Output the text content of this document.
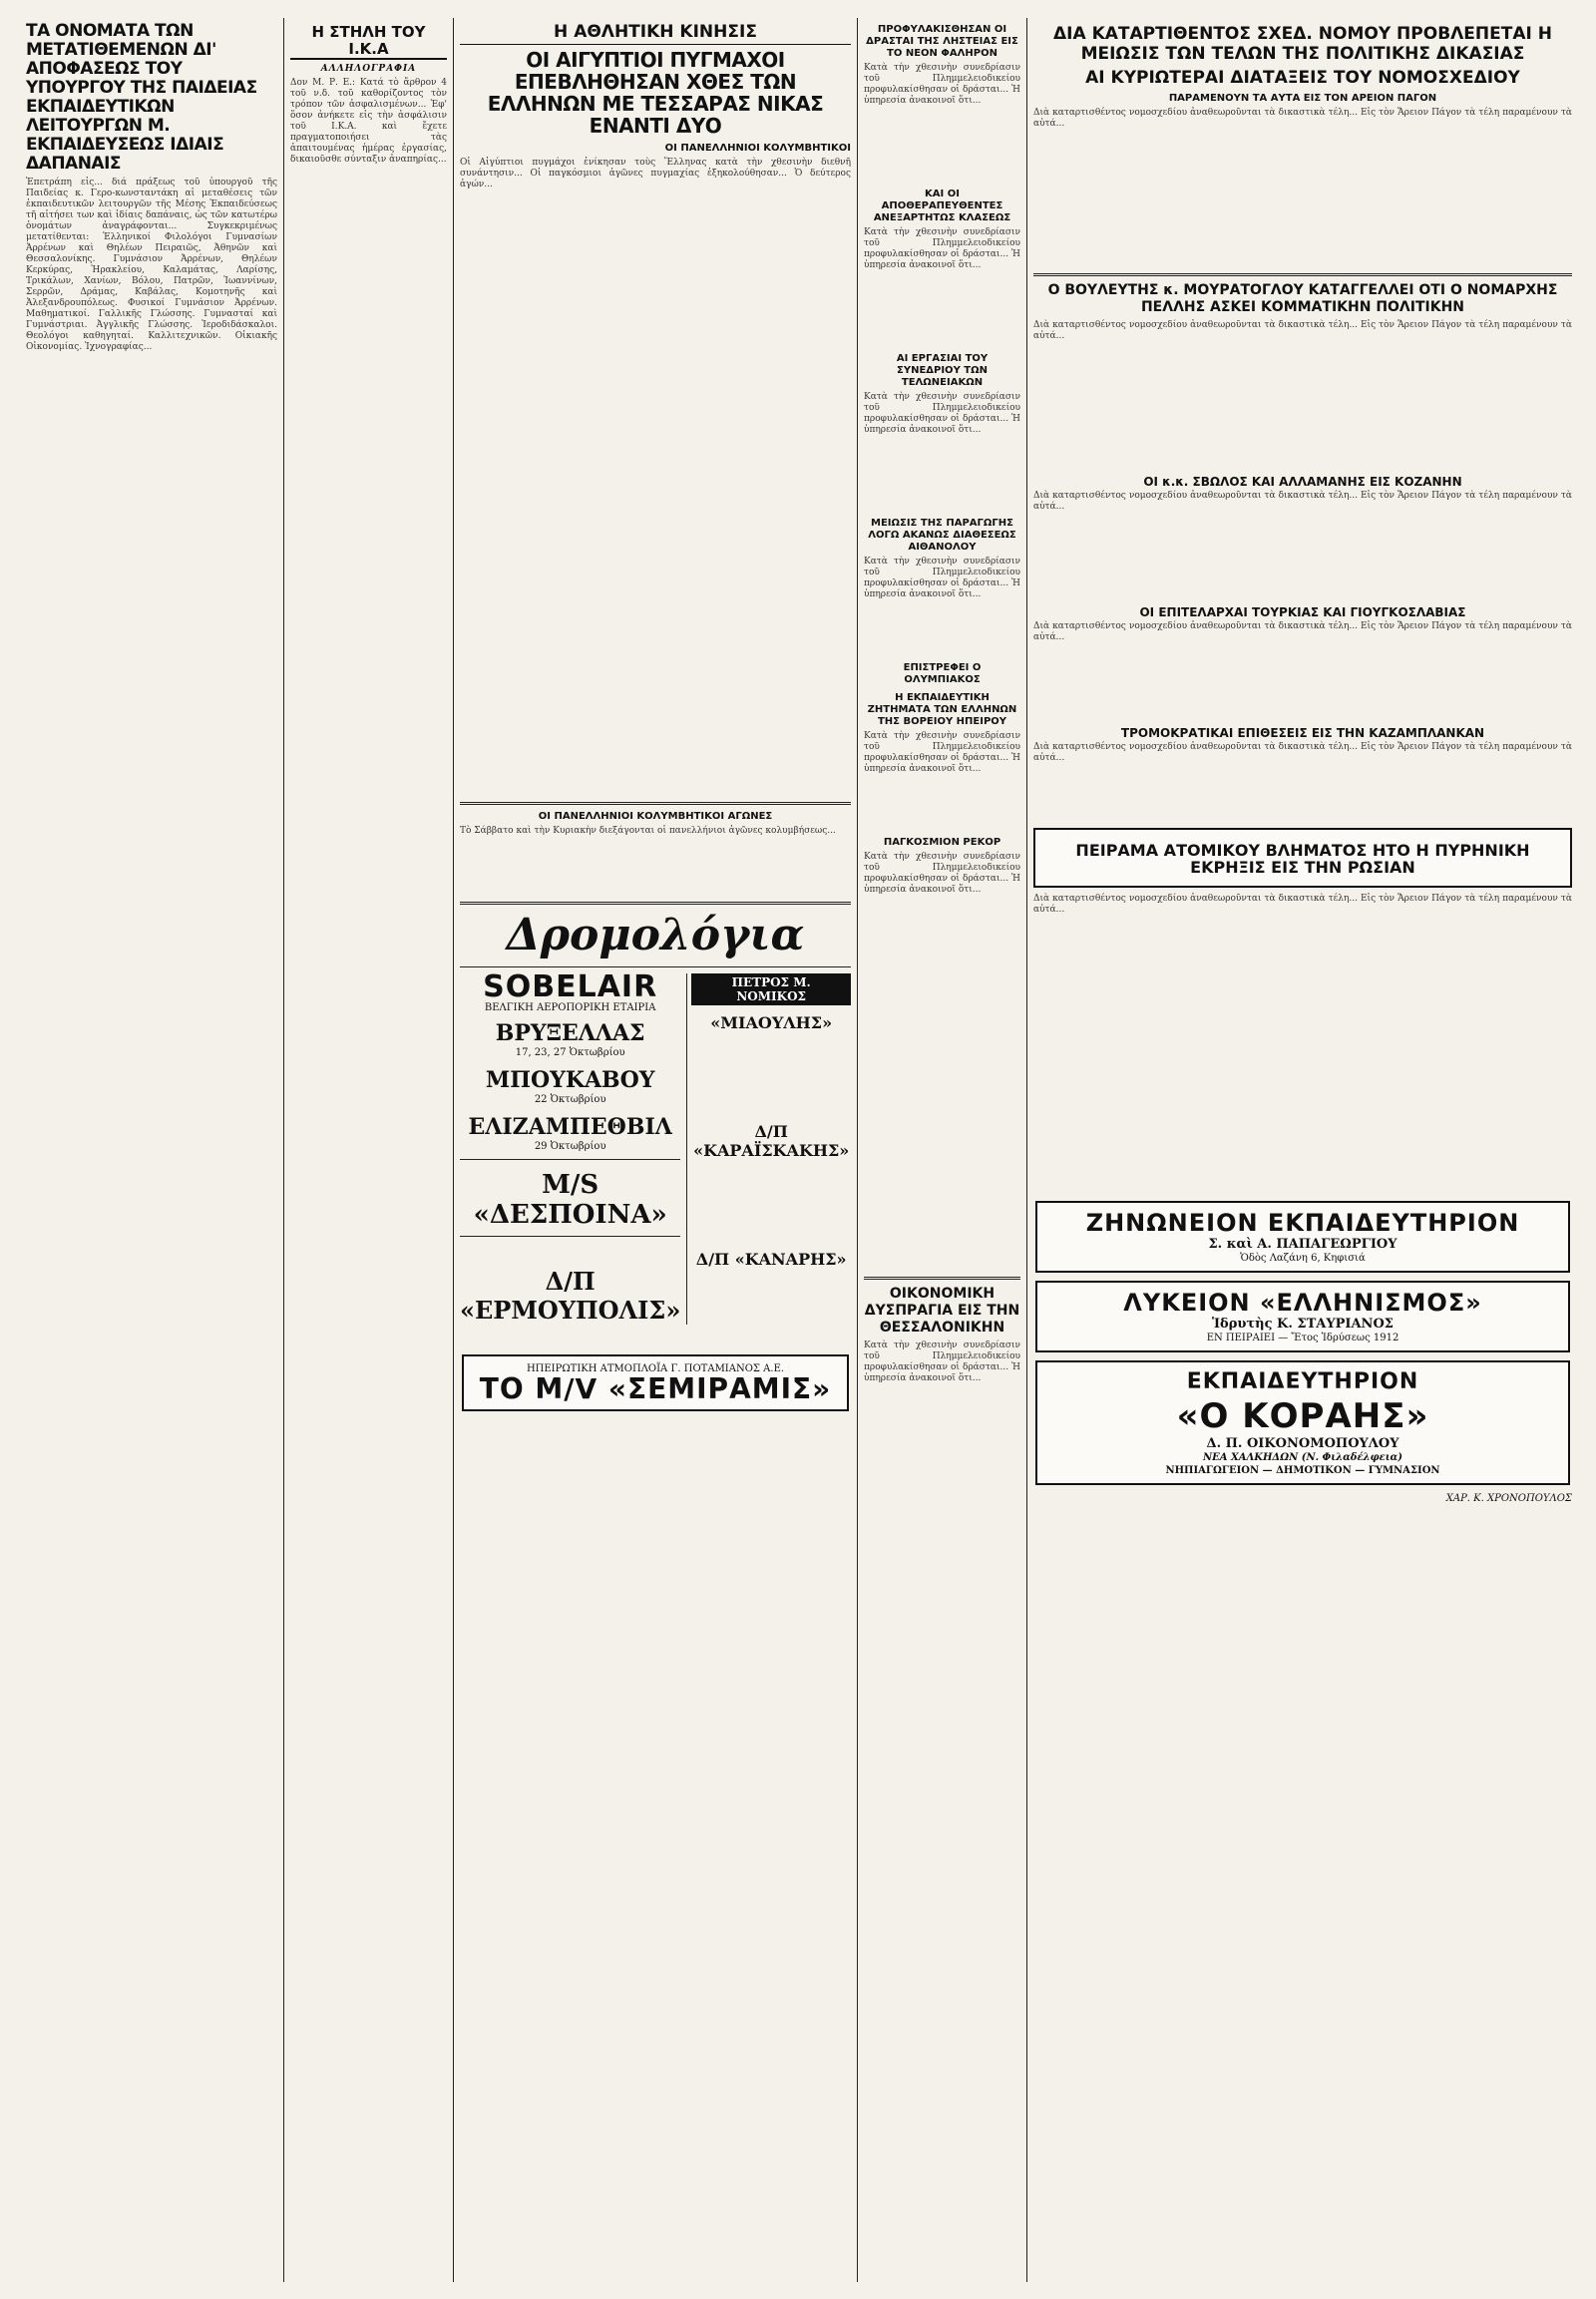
ΤΑ ΟΝΟΜΑΤΑ ΤΩΝ ΜΕΤΑΤΙΘΕΜΕΝΩΝ ΔΙ' ΑΠΟΦΑΣΕΩΣ ΤΟΥ ΥΠΟΥΡΓΟΥ ΤΗΣ ΠΑΙΔΕΙΑΣ ΕΚΠΑΙΔΕΥΤΙΚΩΝ ΛΕΙΤΟΥΡΓΩΝ Μ. ΕΚΠΑΙΔΕΥΣΕΩΣ ΙΔΙΑΙΣ ΔΑΠΑΝΑΙΣ
Ἐπετράπη εἰς... διά πράξεως τοῦ ὑπουργοῦ τῆς Παιδείας κ. Γερο-κωνσταντάκη αἱ μεταθέσεις τῶν ἐκπαιδευτικῶν λειτουργῶν τῆς Μέσης Ἐκπαιδεύσεως τῆ αἰτήσει των καὶ ἰδίαις δαπάναις, ὡς τῶν κατωτέρω ὀνομάτων ἀναγράφονται... Συγκεκριμένως μετατίθενται: Ἑλληνικοί Φιλολόγοι Γυμνασίων Ἀρρένων καὶ Θηλέων Πειραιῶς, Ἀθηνῶν καὶ Θεσσαλονίκης. Γυμνάσιον Ἀρρένων, Θηλέων Κερκύρας, Ἡρακλείου, Καλαμάτας, Λαρίσης, Τρικάλων, Χανίων, Βόλου, Πατρῶν, Ἰωαννίνων, Σερρῶν, Δράμας, Καβάλας, Κομοτηνῆς καὶ Ἀλεξανδρουπόλεως. Φυσικοί Γυμνάσιον Ἀρρένων. Μαθηματικοί. Γαλλικῆς Γλώσσης. Γυμνασταί καὶ Γυμνάστριαι. Ἀγγλικῆς Γλώσσης. Ἱεροδιδάσκαλοι. Θεολόγοι καθηγηταί. Καλλιτεχνικῶν. Οἰκιακῆς Οἰκονομίας. Ἰχνογραφίας...
Η ΣΤΗΛΗ ΤΟΥ Ι.Κ.Α
ΑΛΛΗΛΟΓΡΑΦΙΑ
Δον Μ. Ρ. Ε.: Κατά τὸ ἄρθρον 4 τοῦ ν.δ. τοῦ καθορίζοντος τὸν τρόπον τῶν ἀσφαλισμένων... Ἑφ' ὅσον ἀνήκετε εἰς τὴν ἀσφάλισιν τοῦ Ι.Κ.Α. καὶ ἔχετε πραγματοποιήσει τὰς ἀπαιτουμένας ἡμέρας ἐργασίας, δικαιοῦσθε σύνταξιν ἀναπηρίας...
Η ΑΘΛΗΤΙΚΗ ΚΙΝΗΣΙΣ
ΟΙ ΑΙΓΥΠΤΙΟΙ ΠΥΓΜΑΧΟΙ ΕΠΕΒΛΗΘΗΣΑΝ ΧΘΕΣ ΤΩΝ ΕΛΛΗΝΩΝ ΜΕ ΤΕΣΣΑΡΑΣ ΝΙΚΑΣ ΕΝΑΝΤΙ ΔΥΟ
ΟΙ ΠΑΝΕΛΛΗΝΙΟΙ ΚΟΛΥΜΒΗΤΙΚΟΙ
Οἱ Αἰγύπτιοι πυγμάχοι ἐνίκησαν τοὺς Ἕλληνας κατὰ τὴν χθεσινὴν διεθνῆ συνάντησιν... Οἱ παγκόσμιοι ἀγῶνες πυγμαχίας ἐξηκολούθησαν... Ὁ δεύτερος ἀγών...
ΟΙ ΠΑΝΕΛΛΗΝΙΟΙ ΚΟΛΥΜΒΗΤΙΚΟΙ ΑΓΩΝΕΣ
Τὸ Σάββατο καὶ τὴν Κυριακὴν διεξάγονται οἱ πανελλήνιοι ἀγῶνες κολυμβήσεως...
Δρομολόγια
SOBELAIR
ΒΕΛΓΙΚΗ ΑΕΡΟΠΟΡΙΚΗ ΕΤΑΙΡΙΑ
ΒΡΥΞΕΛΛΑΣ
17, 23, 27 Ὀκτωβρίου
ΜΠΟΥΚΑΒΟΥ
22 Ὀκτωβρίου
ΕΛΙΖΑΜΠΕΘΒΙΛ
29 Ὀκτωβρίου
Μ/S «ΔΕΣΠΟΙΝΑ»
Δ/Π «ΕΡΜΟΥΠΟΛΙΣ»
ΠΕΤΡΟΣ Μ. ΝΟΜΙΚΟΣ
«ΜΙΑΟΥΛΗΣ»
Δ/Π «ΚΑΡΑΪΣΚΑΚΗΣ»
Δ/Π «ΚΑΝΑΡΗΣ»
ΗΠΕΙΡΩΤΙΚΗ ΑΤΜΟΠΛΟΪΑ Γ. ΠΟΤΑΜΙΑΝΟΣ Α.Ε.
ΤΟ Μ/V «ΣΕΜΙΡΑΜΙΣ»
ΠΡΟΦΥΛΑΚΙΣΘΗΣΑΝ ΟΙ ΔΡΑΣΤΑΙ ΤΗΣ ΛΗΣΤΕΙΑΣ ΕΙΣ ΤΟ ΝΕΟΝ ΦΑΛΗΡΟΝ
Κατὰ τὴν χθεσινὴν συνεδρίασιν τοῦ Πλημμελειοδικείου προφυλακίσθησαν οἱ δράσται... Ἡ ὑπηρεσία ἀνακοινοῖ ὅτι...
ΚΑΙ ΟΙ ΑΠΟΘΕΡΑΠΕΥΘΕΝΤΕΣ ΑΝΕΞΑΡΤΗΤΩΣ ΚΛΑΣΕΩΣ
Κατὰ τὴν χθεσινὴν συνεδρίασιν τοῦ Πλημμελειοδικείου προφυλακίσθησαν οἱ δράσται... Ἡ ὑπηρεσία ἀνακοινοῖ ὅτι...
ΑΙ ΕΡΓΑΣΙΑΙ ΤΟΥ ΣΥΝΕΔΡΙΟΥ ΤΩΝ ΤΕΛΩΝΕΙΑΚΩΝ
Κατὰ τὴν χθεσινὴν συνεδρίασιν τοῦ Πλημμελειοδικείου προφυλακίσθησαν οἱ δράσται... Ἡ ὑπηρεσία ἀνακοινοῖ ὅτι...
ΜΕΙΩΣΙΣ ΤΗΣ ΠΑΡΑΓΩΓΗΣ ΛΟΓΩ ΑΚΑΝΩΣ ΔΙΑΘΕΣΕΩΣ ΑΙΘΑΝΟΛΟΥ
Κατὰ τὴν χθεσινὴν συνεδρίασιν τοῦ Πλημμελειοδικείου προφυλακίσθησαν οἱ δράσται... Ἡ ὑπηρεσία ἀνακοινοῖ ὅτι...
ΕΠΙΣΤΡΕΦΕΙ Ο ΟΛΥΜΠΙΑΚΟΣ
Η ΕΚΠΑΙΔΕΥΤΙΚΗ ΖΗΤΗΜΑΤΑ ΤΩΝ ΕΛΛΗΝΩΝ ΤΗΣ ΒΟΡΕΙΟΥ ΗΠΕΙΡΟΥ
Κατὰ τὴν χθεσινὴν συνεδρίασιν τοῦ Πλημμελειοδικείου προφυλακίσθησαν οἱ δράσται... Ἡ ὑπηρεσία ἀνακοινοῖ ὅτι...
ΠΑΓΚΟΣΜΙΟΝ ΡΕΚΟΡ
Κατὰ τὴν χθεσινὴν συνεδρίασιν τοῦ Πλημμελειοδικείου προφυλακίσθησαν οἱ δράσται... Ἡ ὑπηρεσία ἀνακοινοῖ ὅτι...
ΟΙΚΟΝΟΜΙΚΗ ΔΥΣΠΡΑΓΙΑ ΕΙΣ ΤΗΝ ΘΕΣΣΑΛΟΝΙΚΗΝ
Κατὰ τὴν χθεσινὴν συνεδρίασιν τοῦ Πλημμελειοδικείου προφυλακίσθησαν οἱ δράσται... Ἡ ὑπηρεσία ἀνακοινοῖ ὅτι...
ΔΙΑ ΚΑΤΑΡΤΙΘΕΝΤΟΣ ΣΧΕΔ. ΝΟΜΟΥ ΠΡΟΒΛΕΠΕΤΑΙ Η ΜΕΙΩΣΙΣ ΤΩΝ ΤΕΛΩΝ ΤΗΣ ΠΟΛΙΤΙΚΗΣ ΔΙΚΑΣΙΑΣ
ΑΙ ΚΥΡΙΩΤΕΡΑΙ ΔΙΑΤΑΞΕΙΣ ΤΟΥ ΝΟΜΟΣΧΕΔΙΟΥ
ΠΑΡΑΜΕΝΟΥΝ ΤΑ ΑΥΤΑ ΕΙΣ ΤΟΝ ΑΡΕΙΟΝ ΠΑΓΟΝ
Διὰ καταρτισθέντος νομοσχεδίου ἀναθεωροῦνται τὰ δικαστικὰ τέλη... Εἰς τὸν Ἄρειον Πάγον τὰ τέλη παραμένουν τὰ αὐτά...
Ο ΒΟΥΛΕΥΤΗΣ κ. ΜΟΥΡΑΤΟΓΛΟΥ ΚΑΤΑΓΓΕΛΛΕΙ ΟΤΙ Ο ΝΟΜΑΡΧΗΣ ΠΕΛΛΗΣ ΑΣΚΕΙ ΚΟΜΜΑΤΙΚΗΝ ΠΟΛΙΤΙΚΗΝ
Διὰ καταρτισθέντος νομοσχεδίου ἀναθεωροῦνται τὰ δικαστικὰ τέλη... Εἰς τὸν Ἄρειον Πάγον τὰ τέλη παραμένουν τὰ αὐτά...
ΟΙ κ.κ. ΣΒΩΛΟΣ ΚΑΙ ΑΛΛΑΜΑΝΗΣ ΕΙΣ ΚΟΖΑΝΗΝ
Διὰ καταρτισθέντος νομοσχεδίου ἀναθεωροῦνται τὰ δικαστικὰ τέλη... Εἰς τὸν Ἄρειον Πάγον τὰ τέλη παραμένουν τὰ αὐτά...
ΟΙ ΕΠΙΤΕΛΑΡΧΑΙ ΤΟΥΡΚΙΑΣ ΚΑΙ ΓΙΟΥΓΚΟΣΛΑΒΙΑΣ
Διὰ καταρτισθέντος νομοσχεδίου ἀναθεωροῦνται τὰ δικαστικὰ τέλη... Εἰς τὸν Ἄρειον Πάγον τὰ τέλη παραμένουν τὰ αὐτά...
ΤΡΟΜΟΚΡΑΤΙΚΑΙ ΕΠΙΘΕΣΕΙΣ ΕΙΣ ΤΗΝ ΚΑΖΑΜΠΛΑΝΚΑΝ
Διὰ καταρτισθέντος νομοσχεδίου ἀναθεωροῦνται τὰ δικαστικὰ τέλη... Εἰς τὸν Ἄρειον Πάγον τὰ τέλη παραμένουν τὰ αὐτά...
ΠΕΙΡΑΜΑ ΑΤΟΜΙΚΟΥ ΒΛΗΜΑΤΟΣ ΗΤΟ Η ΠΥΡΗΝΙΚΗ ΕΚΡΗΞΙΣ ΕΙΣ ΤΗΝ ΡΩΣΙΑΝ
Διὰ καταρτισθέντος νομοσχεδίου ἀναθεωροῦνται τὰ δικαστικὰ τέλη... Εἰς τὸν Ἄρειον Πάγον τὰ τέλη παραμένουν τὰ αὐτά...
ΖΗΝΩΝΕΙΟΝ ΕΚΠΑΙΔΕΥΤΗΡΙΟΝ
Σ. καὶ Α. ΠΑΠΑΓΕΩΡΓΙΟΥ
Ὁδὸς Λαζάνη 6, Κηφισιά
ΛΥΚΕΙΟΝ «ΕΛΛΗΝΙΣΜΟΣ»
Ἱδρυτὴς Κ. ΣΤΑΥΡΙΑΝΟΣ
ΕΝ ΠΕΙΡΑΙΕΙ — Ἔτος Ἱδρύσεως 1912
ΕΚΠΑΙΔΕΥΤΗΡΙΟΝ
«Ο ΚΟΡΑΗΣ»
Δ. Π. ΟΙΚΟΝΟΜΟΠΟΥΛΟΥ
ΝΕΑ ΧΑΛΚΗΔΩΝ (Ν. Φιλαδέλφεια)
ΝΗΠΙΑΓΩΓΕΙΟΝ — ΔΗΜΟΤΙΚΟΝ — ΓΥΜΝΑΣΙΟΝ
ΧΑΡ. Κ. ΧΡΟΝΟΠΟΥΛΟΣ
